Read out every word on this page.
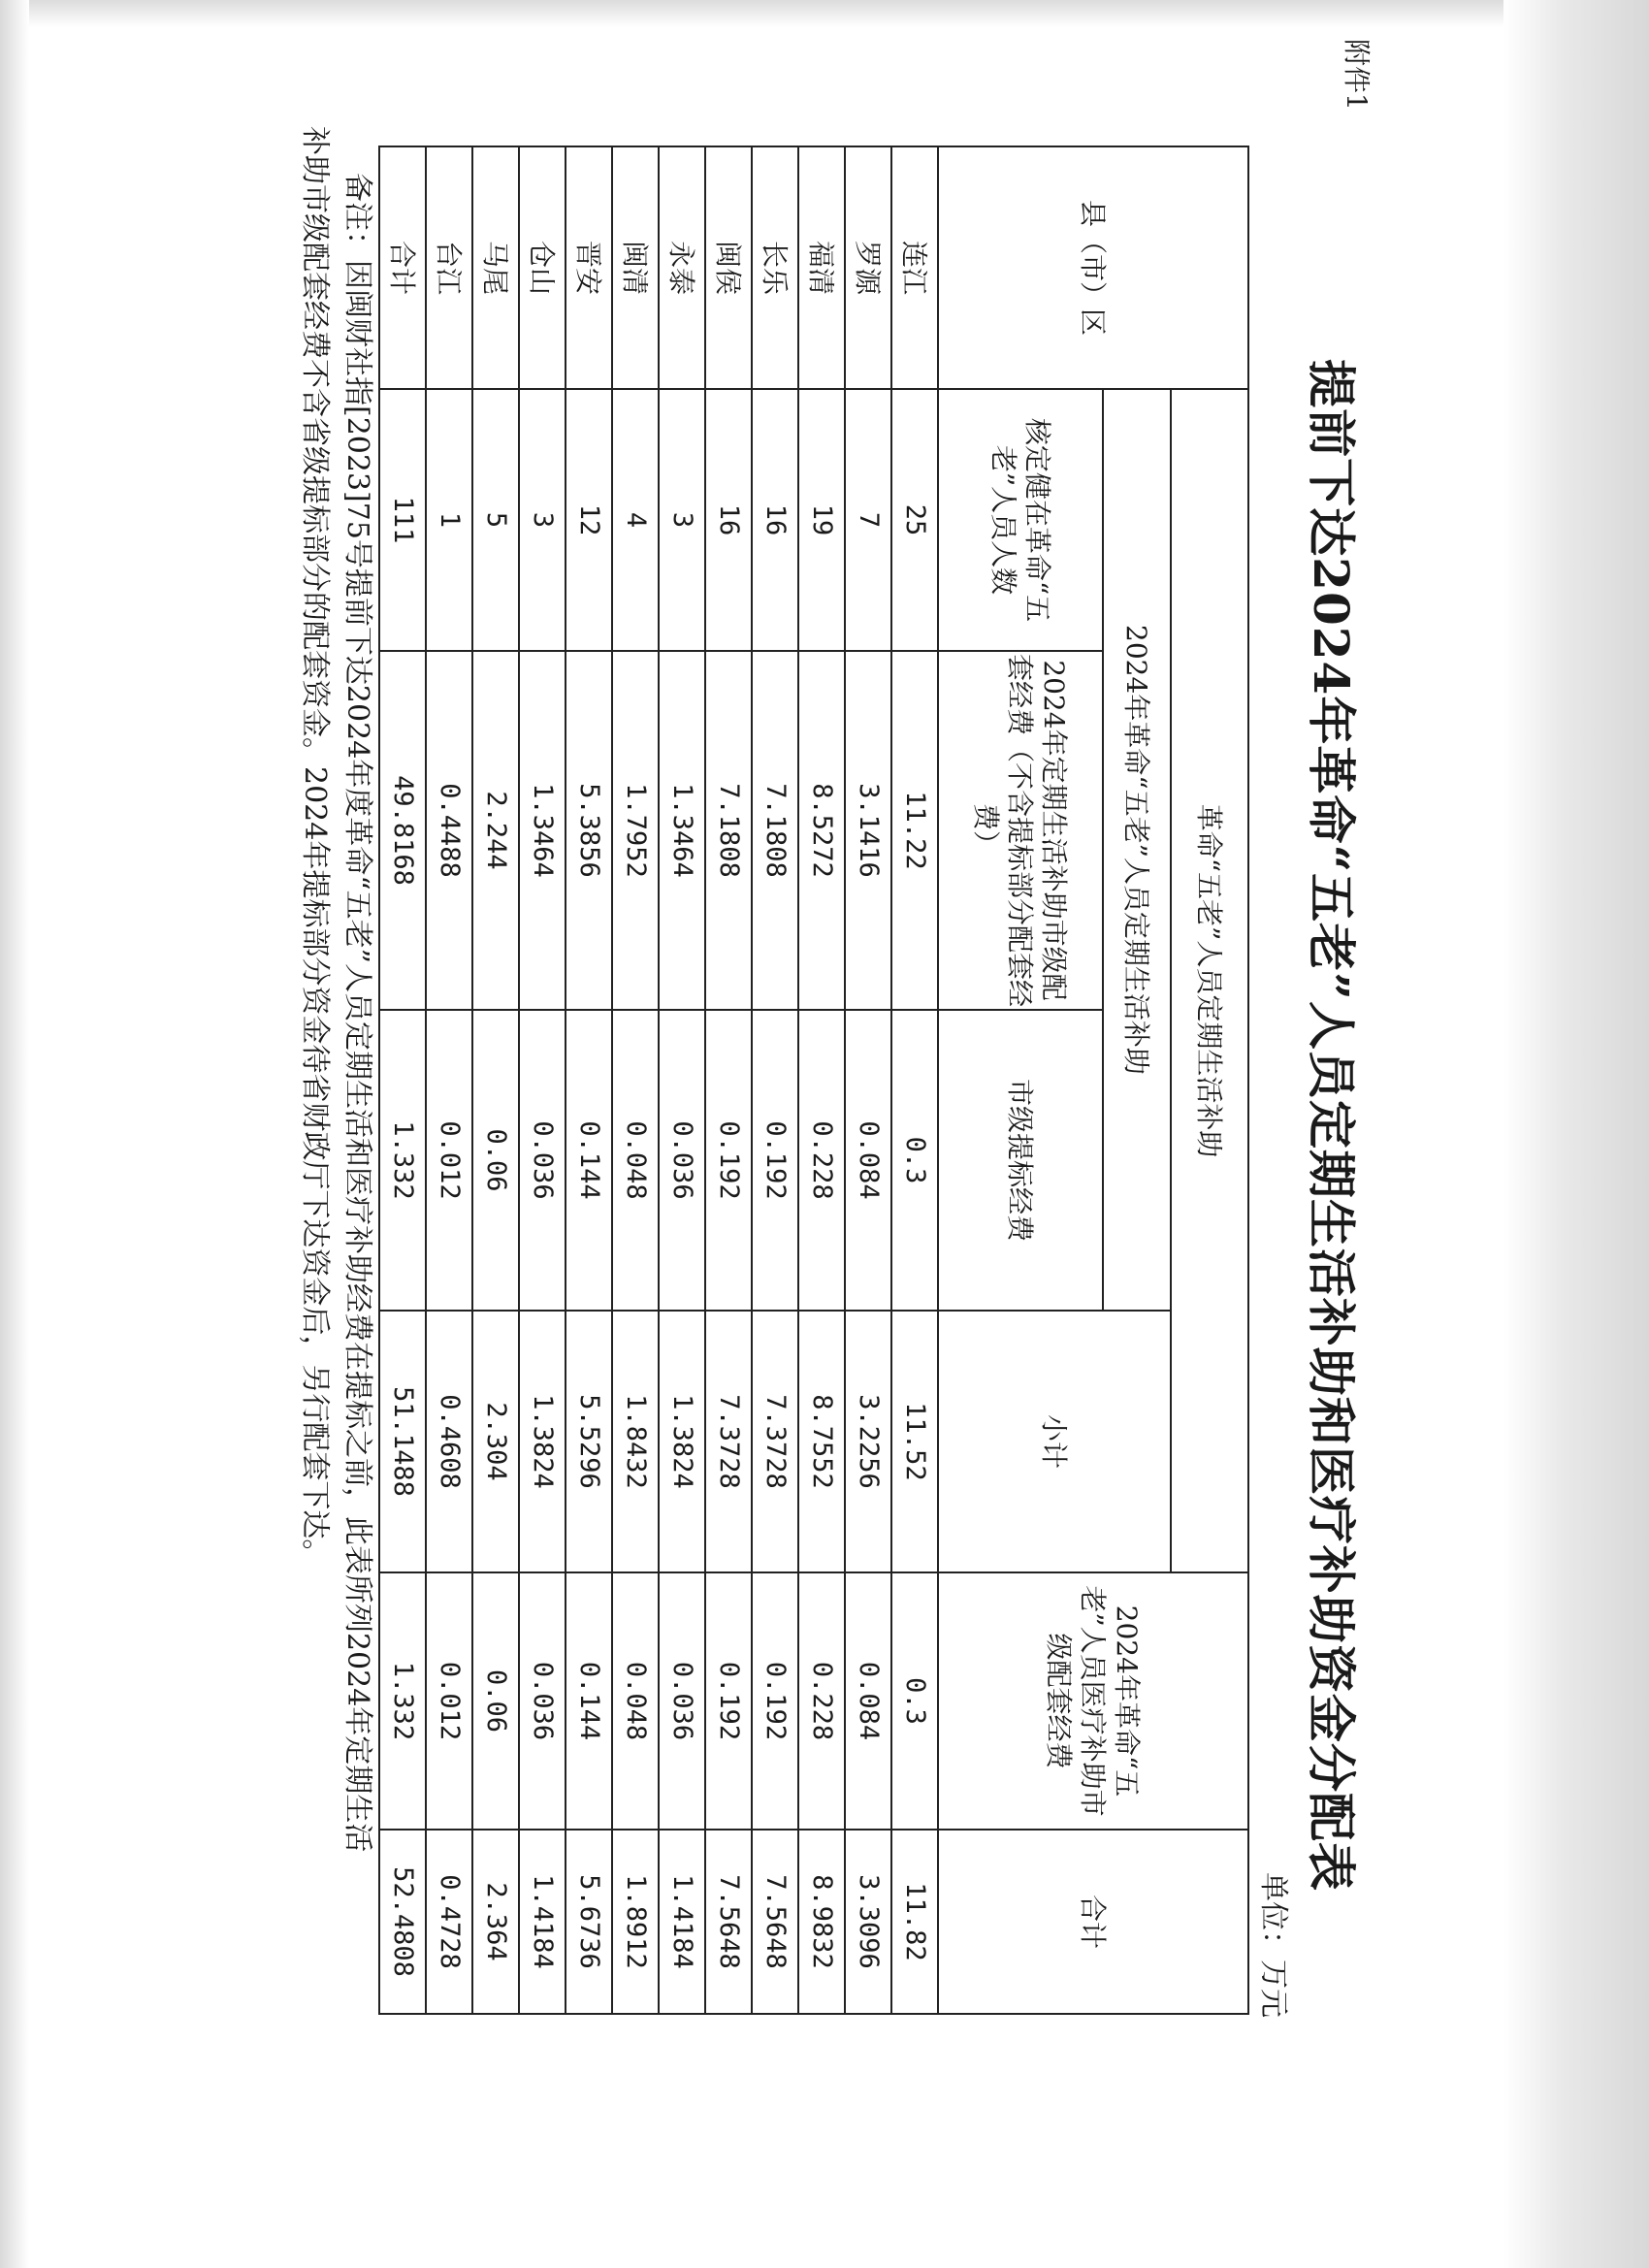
附件1
提前下达2024年革命“五老”人员定期生活补助和医疗补助资金分配表
单位：万元
县（市）区	革命“五老”人员定期生活补助				2024年革命“五老”人员医疗补助市级配套经费	合计
	2024年革命“五老”人员定期生活补助			小计		
	核定健在革命“五老”人员人数	2024年定期生活补助市级配套经费（不含提标部分配套经费）	市级提标经费			
连江	25	11.22	0.3	11.52	0.3	11.82
罗源	7	3.1416	0.084	3.2256	0.084	3.3096
福清	19	8.5272	0.228	8.7552	0.228	8.9832
长乐	16	7.1808	0.192	7.3728	0.192	7.5648
闽侯	16	7.1808	0.192	7.3728	0.192	7.5648
永泰	3	1.3464	0.036	1.3824	0.036	1.4184
闽清	4	1.7952	0.048	1.8432	0.048	1.8912
晋安	12	5.3856	0.144	5.5296	0.144	5.6736
仓山	3	1.3464	0.036	1.3824	0.036	1.4184
马尾	5	2.244	0.06	2.304	0.06	2.364
台江	1	0.4488	0.012	0.4608	0.012	0.4728
合计	111	49.8168	1.332	51.1488	1.332	52.4808

备注：因闽财社指[2023]75号提前下达2024年度革命“五老”人员定期生活和医疗补助经费在提标之前，此表所列2024年定期生活

补助市级配套经费不含省级提标部分的配套资金。2024年提标部分资金待省财政厅下达资金后，另行配套下达。
